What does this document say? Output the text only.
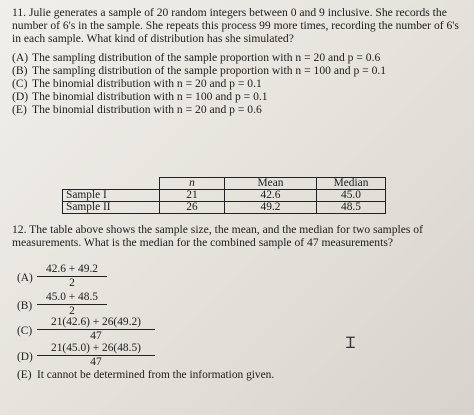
11. Julie generates a sample of 20 random integers between 0 and 9 inclusive. She records the number of 6's in the sample. She repeats this process 99 more times, recording the number of 6's in each sample. What kind of distribution has she simulated?

(A) The sampling distribution of the sample proportion with n = 20 and p = 0.6
(B) The sampling distribution of the sample proportion with n = 100 and p = 0.1
(C) The binomial distribution with n = 20 and p = 0.1
(D) The binomial distribution with n = 100 and p = 0.1
(E) The binomial distribution with n = 20 and p = 0.6
	n	Mean	Median
Sample I	21	42.6	45.0
Sample II	26	49.2	48.5

12. The table above shows the sample size, the mean, and the median for two samples of measurements. What is the median for the combined sample of 47 measurements?

$(A) \frac{42.6 + 49.2}{2}$
$(B) \frac{45.0 + 48.5}{2}$
$(C) \frac{21(42.6) + 26(49.2)}{47}$
$(D) \frac{21(45.0) + 26(48.5)}{47}$
(E) It cannot be determined from the information given.
Ɪ
